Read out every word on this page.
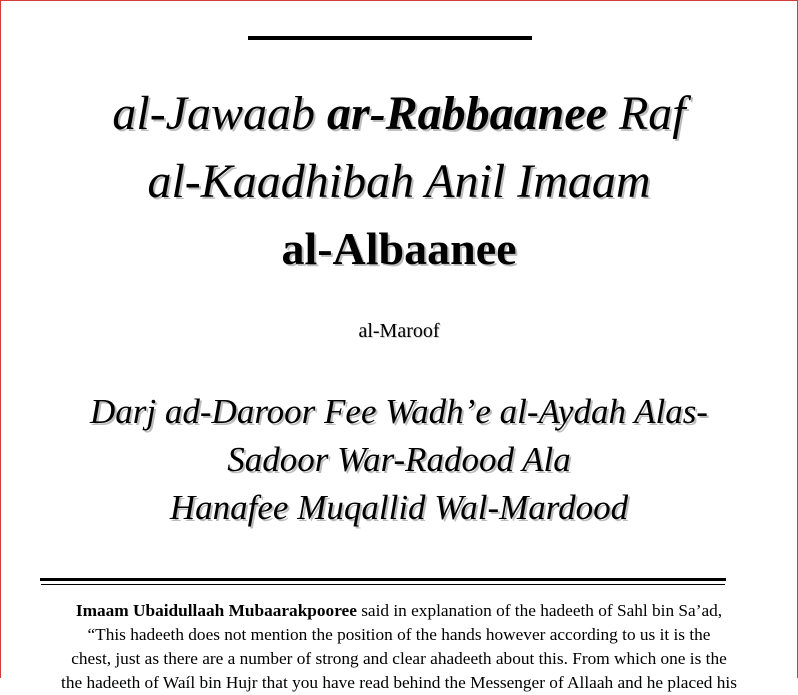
al-Jawaab ar-Rabbaanee Raf
al-Kaadhibah Anil Imaam
al-Albaanee
al-Maroof
Darj ad-Daroor Fee Wadh’e al-Aydah Alas-
Sadoor War-Radood Ala
Hanafee Muqallid Wal-Mardood
Imaam Ubaidullaah Mubaarakpooree said in explanation of the hadeeth of Sahl bin Sa’ad,
“This hadeeth does not mention the position of the hands however according to us it is the
chest, just as there are a number of strong and clear ahadeeth about this. From which one is the
the hadeeth of Waíl bin Hujr that you have read behind the Messenger of Allaah and he placed his
